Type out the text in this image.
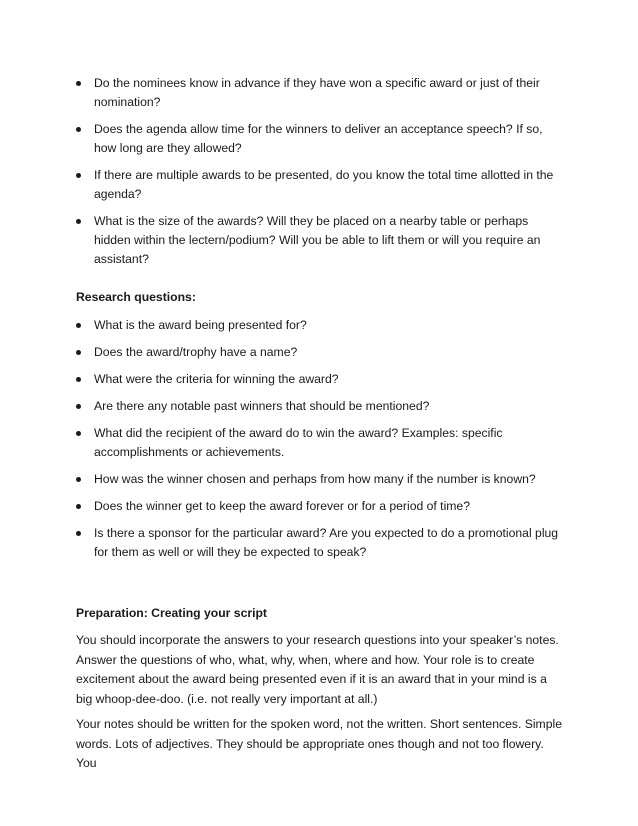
Do the nominees know in advance if they have won a specific award or just of their nomination?
Does the agenda allow time for the winners to deliver an acceptance speech? If so, how long are they allowed?
If there are multiple awards to be presented, do you know the total time allotted in the agenda?
What is the size of the awards? Will they be placed on a nearby table or perhaps hidden within the lectern/podium? Will you be able to lift them or will you require an assistant?
Research questions:
What is the award being presented for?
Does the award/trophy have a name?
What were the criteria for winning the award?
Are there any notable past winners that should be mentioned?
What did the recipient of the award do to win the award? Examples: specific accomplishments or achievements.
How was the winner chosen and perhaps from how many if the number is known?
Does the winner get to keep the award forever or for a period of time?
Is there a sponsor for the particular award? Are you expected to do a promotional plug for them as well or will they be expected to speak?
Preparation: Creating your script

You should incorporate the answers to your research questions into your speaker’s notes. Answer the questions of who, what, why, when, where and how. Your role is to create excitement about the award being presented even if it is an award that in your mind is a big whoop-dee-doo. (i.e. not really very important at all.)

Your notes should be written for the spoken word, not the written. Short sentences. Simple words. Lots of adjectives. They should be appropriate ones though and not too flowery. You
